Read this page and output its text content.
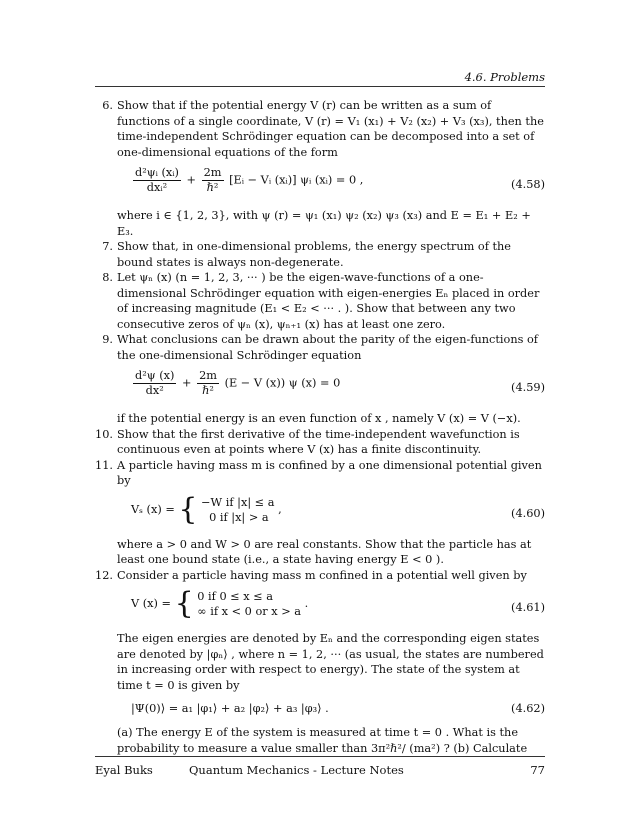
4.6. Problems
6. Show that if the potential energy V (r) can be written as a sum of functions of a single coordinate, V (r) = V₁ (x₁) + V₂ (x₂) + V₃ (x₃), then the time-independent Schrödinger equation can be decomposed into a set of one-dimensional equations of the form

$\frac{\text{d²ψᵢ (xᵢ)}}{\text{dxᵢ²}} + \frac{2m}{\text{ℏ²}}$ [Eᵢ − Vᵢ (xᵢ)] ψᵢ (xᵢ) = 0 ,	(4.58)

where i ∈ {1, 2, 3}, with ψ (r) = ψ₁ (x₁) ψ₂ (x₂) ψ₃ (x₃) and E = E₁ + E₂ + E₃.

7. Show that, in one-dimensional problems, the energy spectrum of the bound states is always non-degenerate.

8. Let ψₙ (x) (n = 1, 2, 3, ··· ) be the eigen-wave-functions of a one-dimensional Schrödinger equation with eigen-energies Eₙ placed in order of increasing magnitude (E₁ < E₂ < ··· . ). Show that between any two consecutive zeros of ψₙ (x), ψₙ₊₁ (x) has at least one zero.

9. What conclusions can be drawn about the parity of the eigen-functions of the one-dimensional Schrödinger equation

$\frac{\text{d²ψ (x)}}{\text{dx²}} + \frac{2m}{\text{ℏ²}} (E - V$ (x)) ψ (x) = 0	(4.59)

if the potential energy is an even function of x , namely V (x) = V (−x).

10. Show that the first derivative of the time-independent wavefunction is continuous even at points where V (x) has a finite discontinuity.

11. A particle having mass m is confined by a one dimensional potential given by

Vₛ (x) = { −W if |x| ≤ a
0 if |x| > a
,	(4.60)

where a > 0 and W > 0 are real constants. Show that the particle has at least one bound state (i.e., a state having energy E < 0 ).

12. Consider a particle having mass m confined in a potential well given by

V (x) = { 0 if 0 ≤ x ≤ a
∞ if x < 0 or x > a
.	(4.61)

The eigen energies are denoted by Eₙ and the corresponding eigen states are denoted by |φₙ⟩ , where n = 1, 2, ··· (as usual, the states are numbered in increasing order with respect to energy). The state of the system at time t = 0 is given by

|Ψ(0)⟩ = a₁ |φ₁⟩ + a₂ |φ₂⟩ + a₃ |φ₃⟩ .	(4.62)

(a) The energy E of the system is measured at time t = 0 . What is the probability to measure a value smaller than 3π²ℏ²/ (ma²) ? (b) Calculate

Eyal Buks	Quantum Mechanics - Lecture Notes	77
